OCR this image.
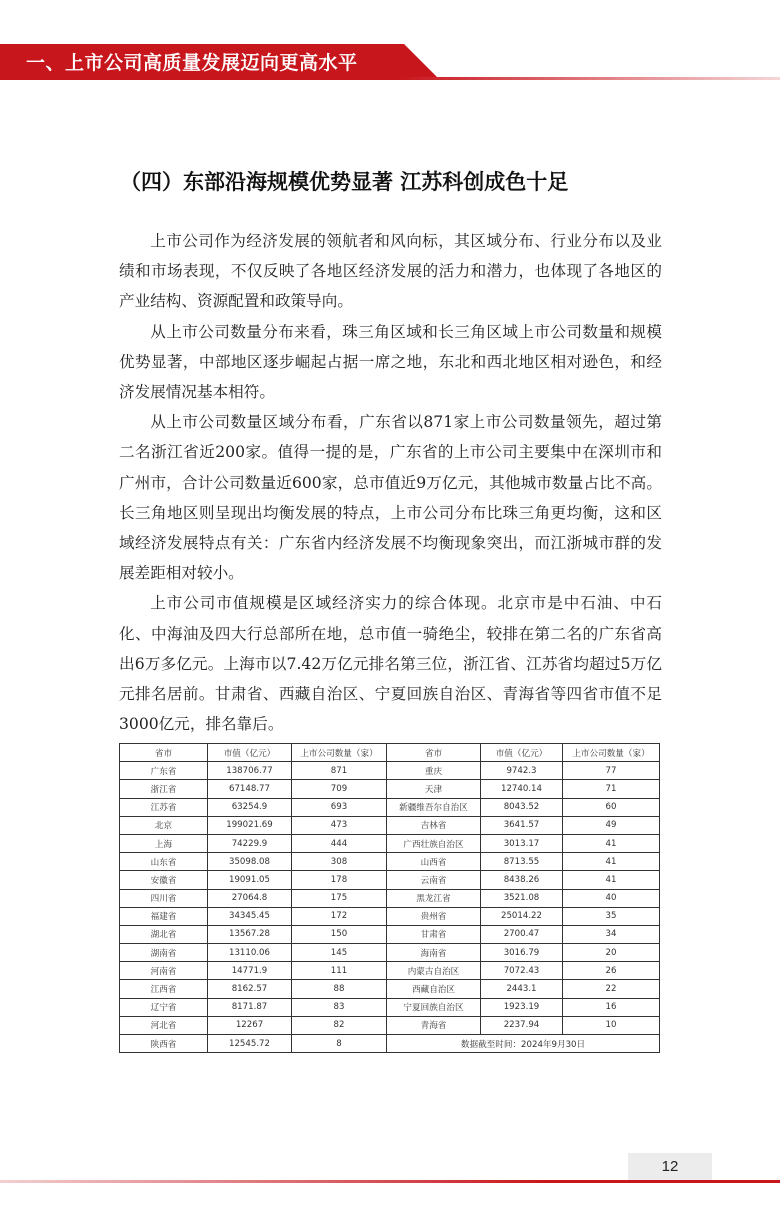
一、上市公司高质量发展迈向更高水平
（四）东部沿海规模优势显著 江苏科创成色十足

上市公司作为经济发展的领航者和风向标，其区域分布、行业分布以及业绩和市场表现，不仅反映了各地区经济发展的活力和潜力，也体现了各地区的产业结构、资源配置和政策导向。

从上市公司数量分布来看，珠三角区域和长三角区域上市公司数量和规模优势显著，中部地区逐步崛起占据一席之地，东北和西北地区相对逊色，和经济发展情况基本相符。

从上市公司数量区域分布看，广东省以871家上市公司数量领先，超过第二名浙江省近200家。值得一提的是，广东省的上市公司主要集中在深圳市和广州市，合计公司数量近600家，总市值近9万亿元，其他城市数量占比不高。长三角地区则呈现出均衡发展的特点，上市公司分布比珠三角更均衡，这和区域经济发展特点有关：广东省内经济发展不均衡现象突出，而江浙城市群的发展差距相对较小。

上市公司市值规模是区域经济实力的综合体现。北京市是中石油、中石化、中海油及四大行总部所在地，总市值一骑绝尘，较排在第二名的广东省高出6万多亿元。上海市以7.42万亿元排名第三位，浙江省、江苏省均超过5万亿元排名居前。甘肃省、西藏自治区、宁夏回族自治区、青海省等四省市值不足3000亿元，排名靠后。

省市	市值（亿元）	上市公司数量（家）	省市	市值（亿元）	上市公司数量（家）
广东省	138706.77	871	重庆	9742.3	77
浙江省	67148.77	709	天津	12740.14	71
江苏省	63254.9	693	新疆维吾尔自治区	8043.52	60
北京	199021.69	473	吉林省	3641.57	49
上海	74229.9	444	广西壮族自治区	3013.17	41
山东省	35098.08	308	山西省	8713.55	41
安徽省	19091.05	178	云南省	8438.26	41
四川省	27064.8	175	黑龙江省	3521.08	40
福建省	34345.45	172	贵州省	25014.22	35
湖北省	13567.28	150	甘肃省	2700.47	34
湖南省	13110.06	145	海南省	3016.79	20
河南省	14771.9	111	内蒙古自治区	7072.43	26
江西省	8162.57	88	西藏自治区	2443.1	22
辽宁省	8171.87	83	宁夏回族自治区	1923.19	16
河北省	12267	82	青海省	2237.94	10
陕西省	12545.72	8	数据截至时间：2024年9月30日		
12
